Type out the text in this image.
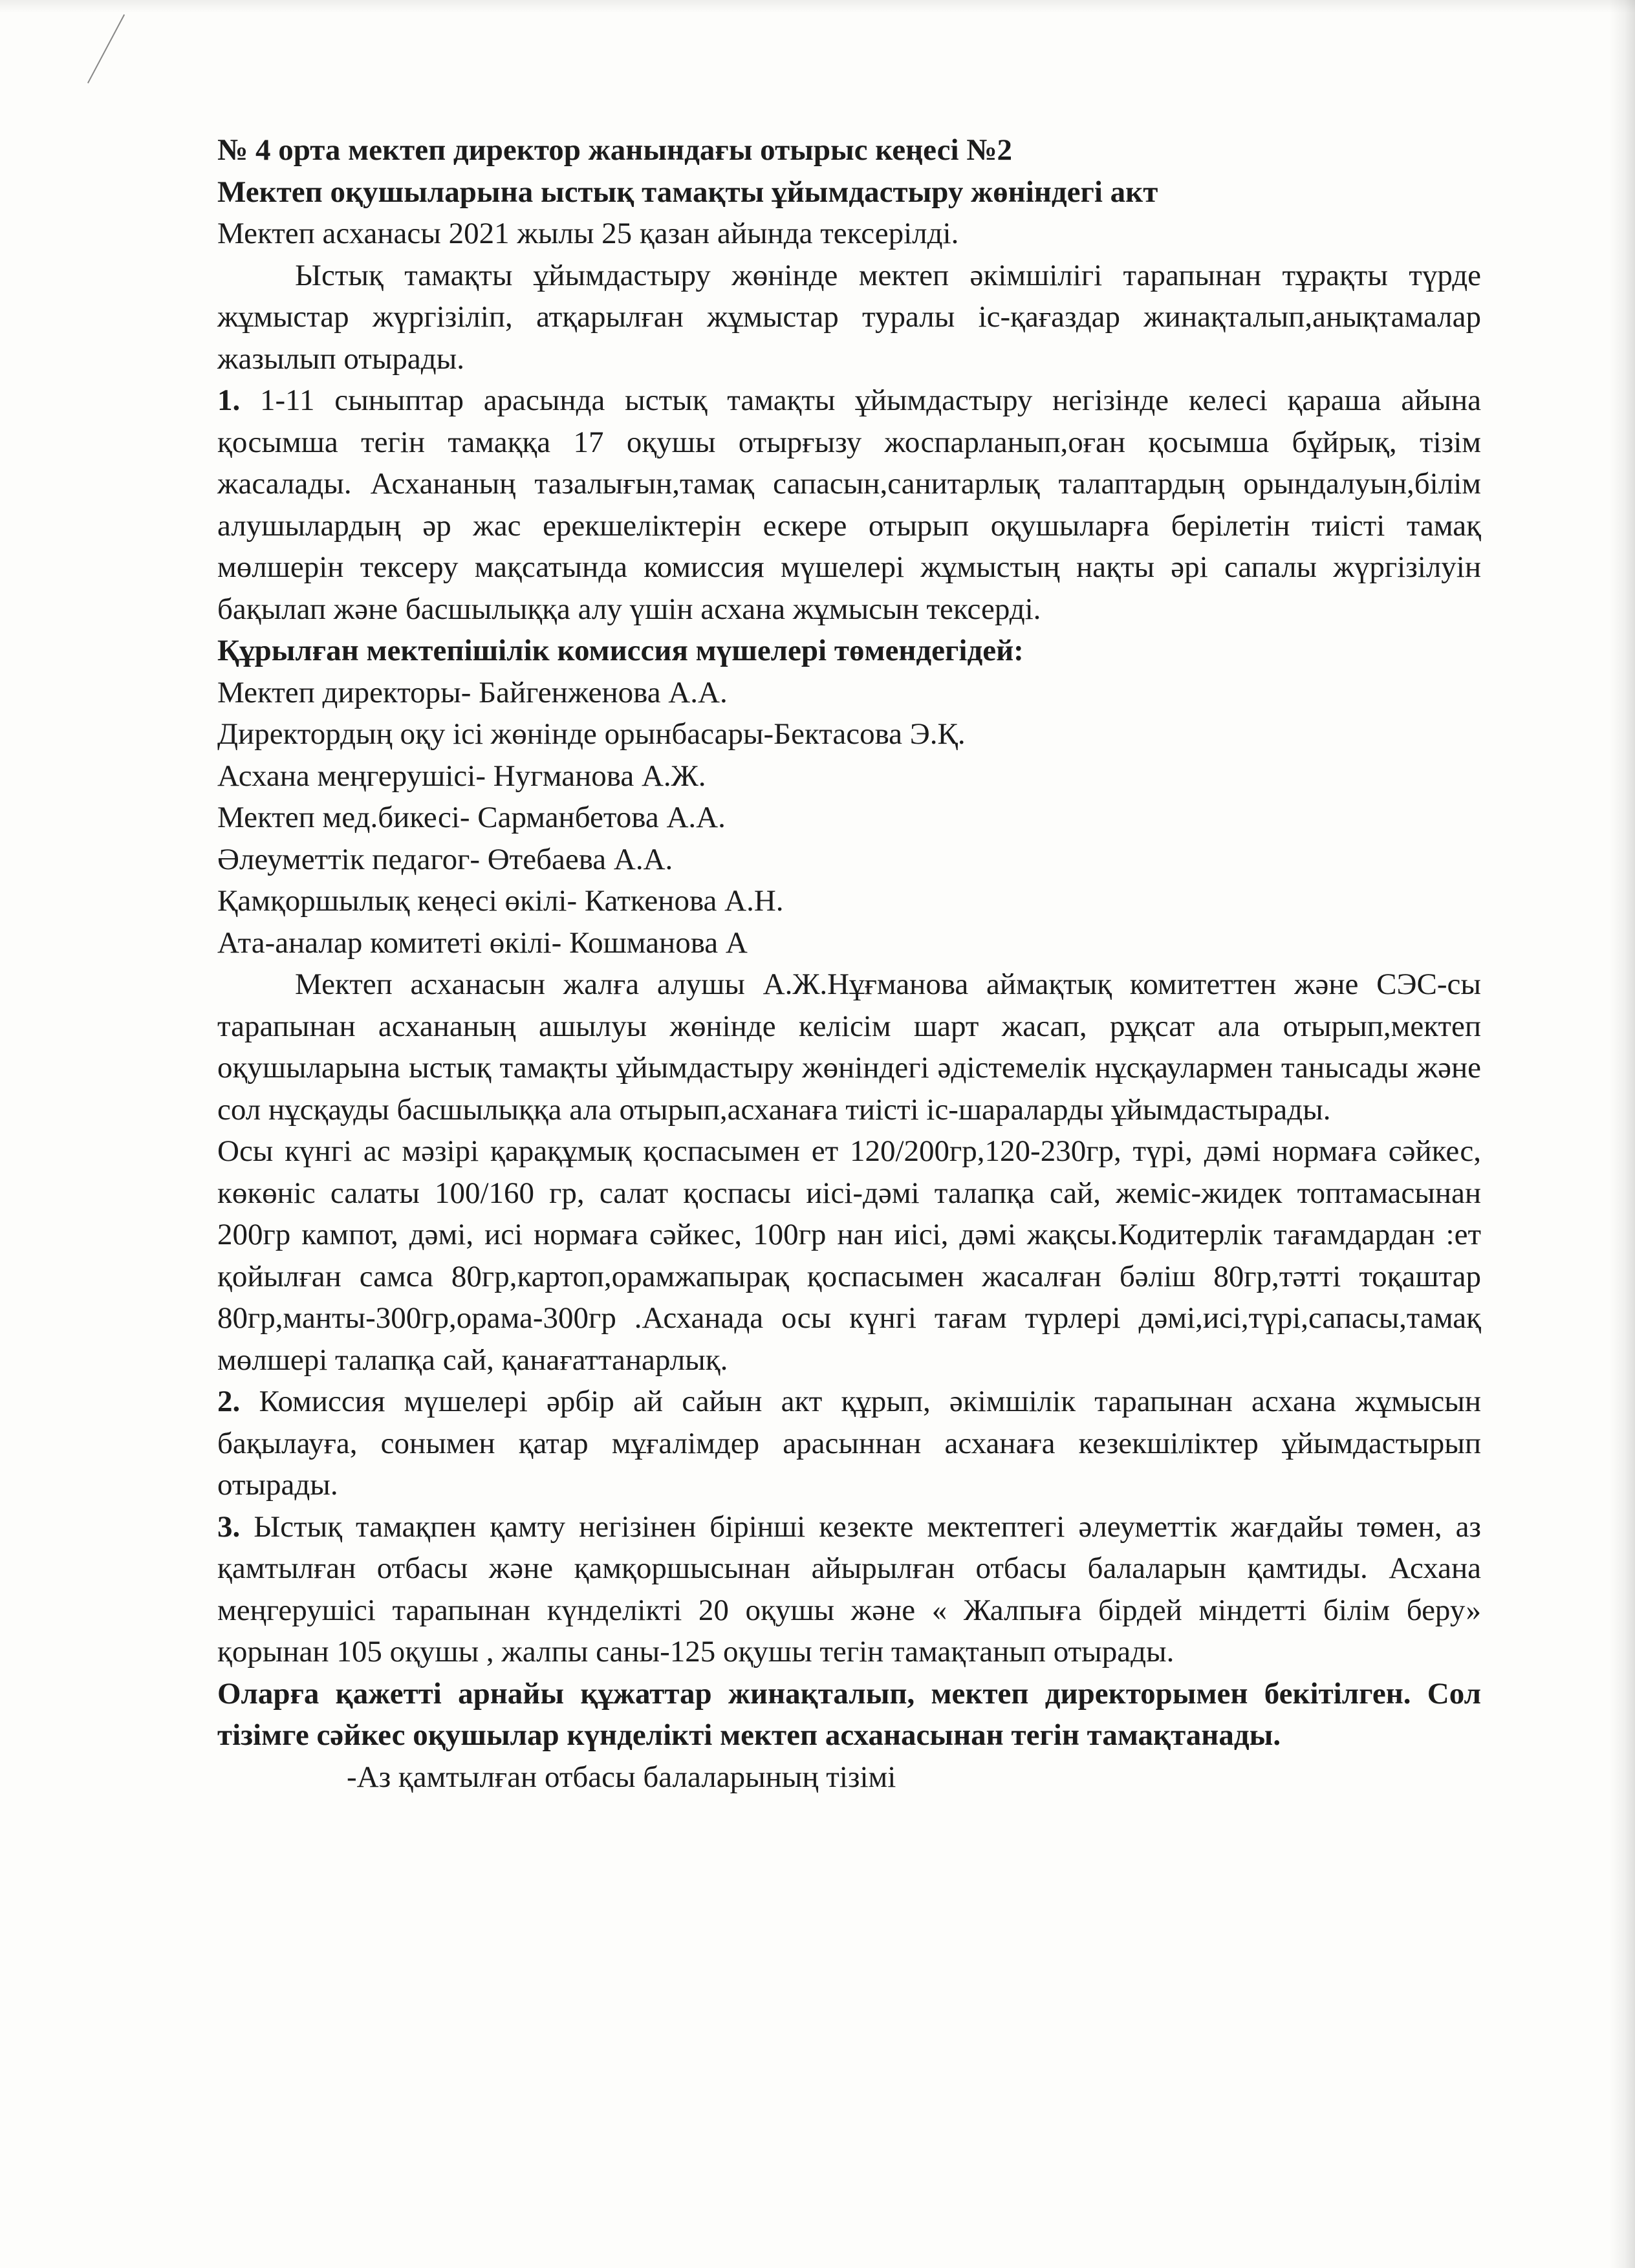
№ 4 орта мектеп директор жанындағы отырыс кеңесі №2

Мектеп оқушыларына ыстық тамақты ұйымдастыру жөніндегі акт

Мектеп асханасы 2021 жылы 25 қазан айында тексерілді.

Ыстық тамақты ұйымдастыру жөнінде мектеп әкімшілігі тарапынан тұрақты түрде жұмыстар жүргізіліп, атқарылған жұмыстар туралы іс-қағаздар жинақталып,анықтамалар жазылып отырады.

1. 1-11 сыныптар арасында ыстық тамақты ұйымдастыру негізінде келесі қараша айына қосымша тегін тамаққа 17 оқушы отырғызу жоспарланып,оған қосымша бұйрық, тізім жасалады. Асхананың тазалығын,тамақ сапасын,санитарлық талаптардың орындалуын,білім алушылардың әр жас ерекшеліктерін ескере отырып оқушыларға берілетін тиісті тамақ мөлшерін тексеру мақсатында комиссия мүшелері жұмыстың нақты әрі сапалы жүргізілуін бақылап және басшылыққа алу үшін асхана жұмысын тексерді.

Құрылған мектепішілік комиссия мүшелері төмендегідей:

Мектеп директоры- Байгенженова А.А.

Директордың оқу ісі жөнінде орынбасары-Бектасова Э.Қ.

Асхана меңгерушісі- Нугманова А.Ж.

Мектеп мед.бикесі- Сарманбетова А.А.

Әлеуметтік педагог- Өтебаева А.А.

Қамқоршылық кеңесі өкілі- Каткенова А.Н.

Ата-аналар комитеті өкілі- Кошманова А

Мектеп асханасын жалға алушы А.Ж.Нұғманова аймақтық комитеттен және СЭС-сы тарапынан асхананың ашылуы жөнінде келісім шарт жасап, рұқсат ала отырып,мектеп оқушыларына ыстық тамақты ұйымдастыру жөніндегі әдістемелік нұсқаулармен танысады және сол нұсқауды басшылыққа ала отырып,асханаға тиісті іс-шараларды ұйымдастырады.

Осы күнгі ас мәзірі қарақұмық қоспасымен ет 120/200гр,120-230гр, түрі, дәмі нормаға сәйкес, көкөніс салаты 100/160 гр, салат қоспасы иісі-дәмі талапқа сай, жеміс-жидек топтамасынан 200гр кампот, дәмі, исі нормаға сәйкес, 100гр нан иісі, дәмі жақсы.Кодитерлік тағамдардан :ет қойылған самса 80гр,картоп,орамжапырақ қоспасымен жасалған бәліш 80гр,тәтті тоқаштар 80гр,манты-300гр,орама-300гр .Асханада осы күнгі тағам түрлері дәмі,исі,түрі,сапасы,тамақ мөлшері талапқа сай, қанағаттанарлық.

2. Комиссия мүшелері әрбір ай сайын акт құрып, әкімшілік тарапынан асхана жұмысын бақылауға, сонымен қатар мұғалімдер арасыннан асханаға кезекшіліктер ұйымдастырып отырады.

3. Ыстық тамақпен қамту негізінен бірінші кезекте мектептегі әлеуметтік жағдайы төмен, аз қамтылған отбасы және қамқоршысынан айырылған отбасы балаларын қамтиды. Асхана меңгерушісі тарапынан күнделікті 20 оқушы және « Жалпыға бірдей міндетті білім беру» қорынан 105 оқушы , жалпы саны-125 оқушы тегін тамақтанып отырады.

Оларға қажетті арнайы құжаттар жинақталып, мектеп директорымен бекітілген. Сол тізімге сәйкес оқушылар күнделікті мектеп асханасынан тегін тамақтанады.

-Аз қамтылған отбасы балаларының тізімі
